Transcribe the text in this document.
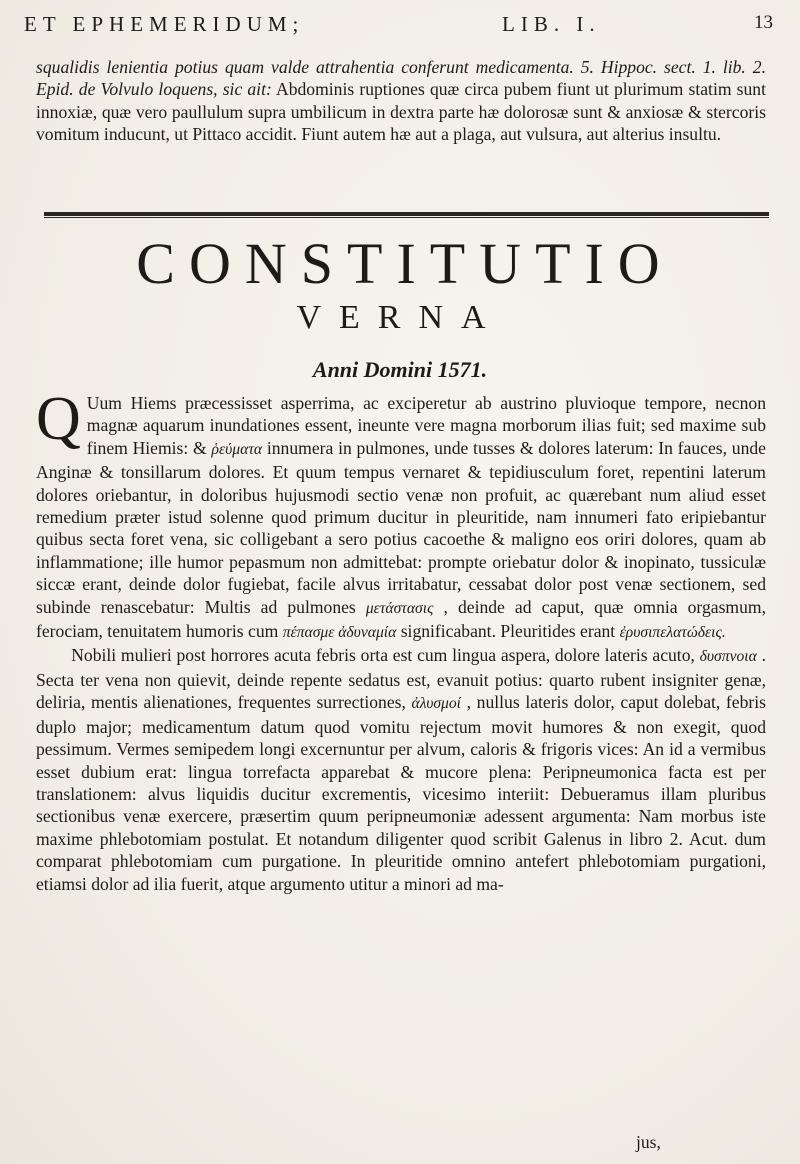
ET EPHEMERIDUM;	LIB. I.	13
squalidis lenientia potius quam valde attrahentia conferunt medicamenta. 5. Hippoc. sect. 1. lib. 2. Epid. de Volvulo loquens, sic ait: Abdominis ruptiones quæ circa pubem fiunt ut plurimum statim sunt innoxiæ, quæ vero paullulum supra umbilicum in dextra parte hæ dolorosæ sunt & anxiosæ & stercoris vomitum inducunt, ut Pittaco accidit. Fiunt autem hæ aut a plaga, aut vulsura, aut alterius insultu.
CONSTITUTIO
VERNA
Anni Domini 1571.
Q Uum Hiems præcessisset asperrima, ac exciperetur ab austrino pluvioque tempore, necnon magnæ aquarum inundationes essent, ineunte vere magna morborum ilias fuit; sed maxime sub finem Hiemis: & ῥεύματα innumera in pulmones, unde tusses & dolores laterum: In fauces, unde Anginæ & tonsillarum dolores. Et quum tempus vernaret & tepidiusculum foret, repentini laterum dolores oriebantur, in doloribus hujusmodi sectio venæ non profuit, ac quærebant num aliud esset remedium præter istud solenne quod primum ducitur in pleuritide, nam innumeri fato eripiebantur quibus secta foret vena, sic colligebant a sero potius cacoethe & maligno eos oriri dolores, quam ab inflammatione; ille humor pepasmum non admittebat: prompte oriebatur dolor & inopinato, tussiculæ siccæ erant, deinde dolor fugiebat, facile alvus irritabatur, cessabat dolor post venæ sectionem, sed subinde renascebatur: Multis ad pulmones μετάστασις , deinde ad caput, quæ omnia orgasmum, ferociam, tenuitatem humoris cum πέπασμε ἀδυναμία significabant. Pleuritides erant ἐρυσιπελατώδεις.
  Nobili mulieri post horrores acuta febris orta est cum lingua aspera, dolore lateris acuto, δυσπνοια . Secta ter vena non quievit, deinde repente sedatus est, evanuit potius: quarto rubent insigniter genæ, deliria, mentis alienationes, frequentes surrectiones, ἀλυσμοί , nullus lateris dolor, caput dolebat, febris duplo major; medicamentum datum quod vomitu rejectum movit humores & non exegit, quod pessimum. Vermes semipedem longi excernuntur per alvum, caloris & frigoris vices: An id a vermibus esset dubium erat: lingua torrefacta apparebat & mucore plena: Peripneumonica facta est per translationem: alvus liquidis ducitur excrementis, vicesimo interiit: Debueramus illam pluribus sectionibus venæ exercere, præsertim quum peripneumoniæ adessent argumenta: Nam morbus iste maxime phlebotomiam postulat. Et notandum diligenter quod scribit Galenus in libro 2. Acut. dum comparat phlebotomiam cum purgatione. In pleuritide omnino antefert phlebotomiam purgationi, etiamsi dolor ad ilia fuerit, atque argumento utitur a minori ad ma-
jus,
